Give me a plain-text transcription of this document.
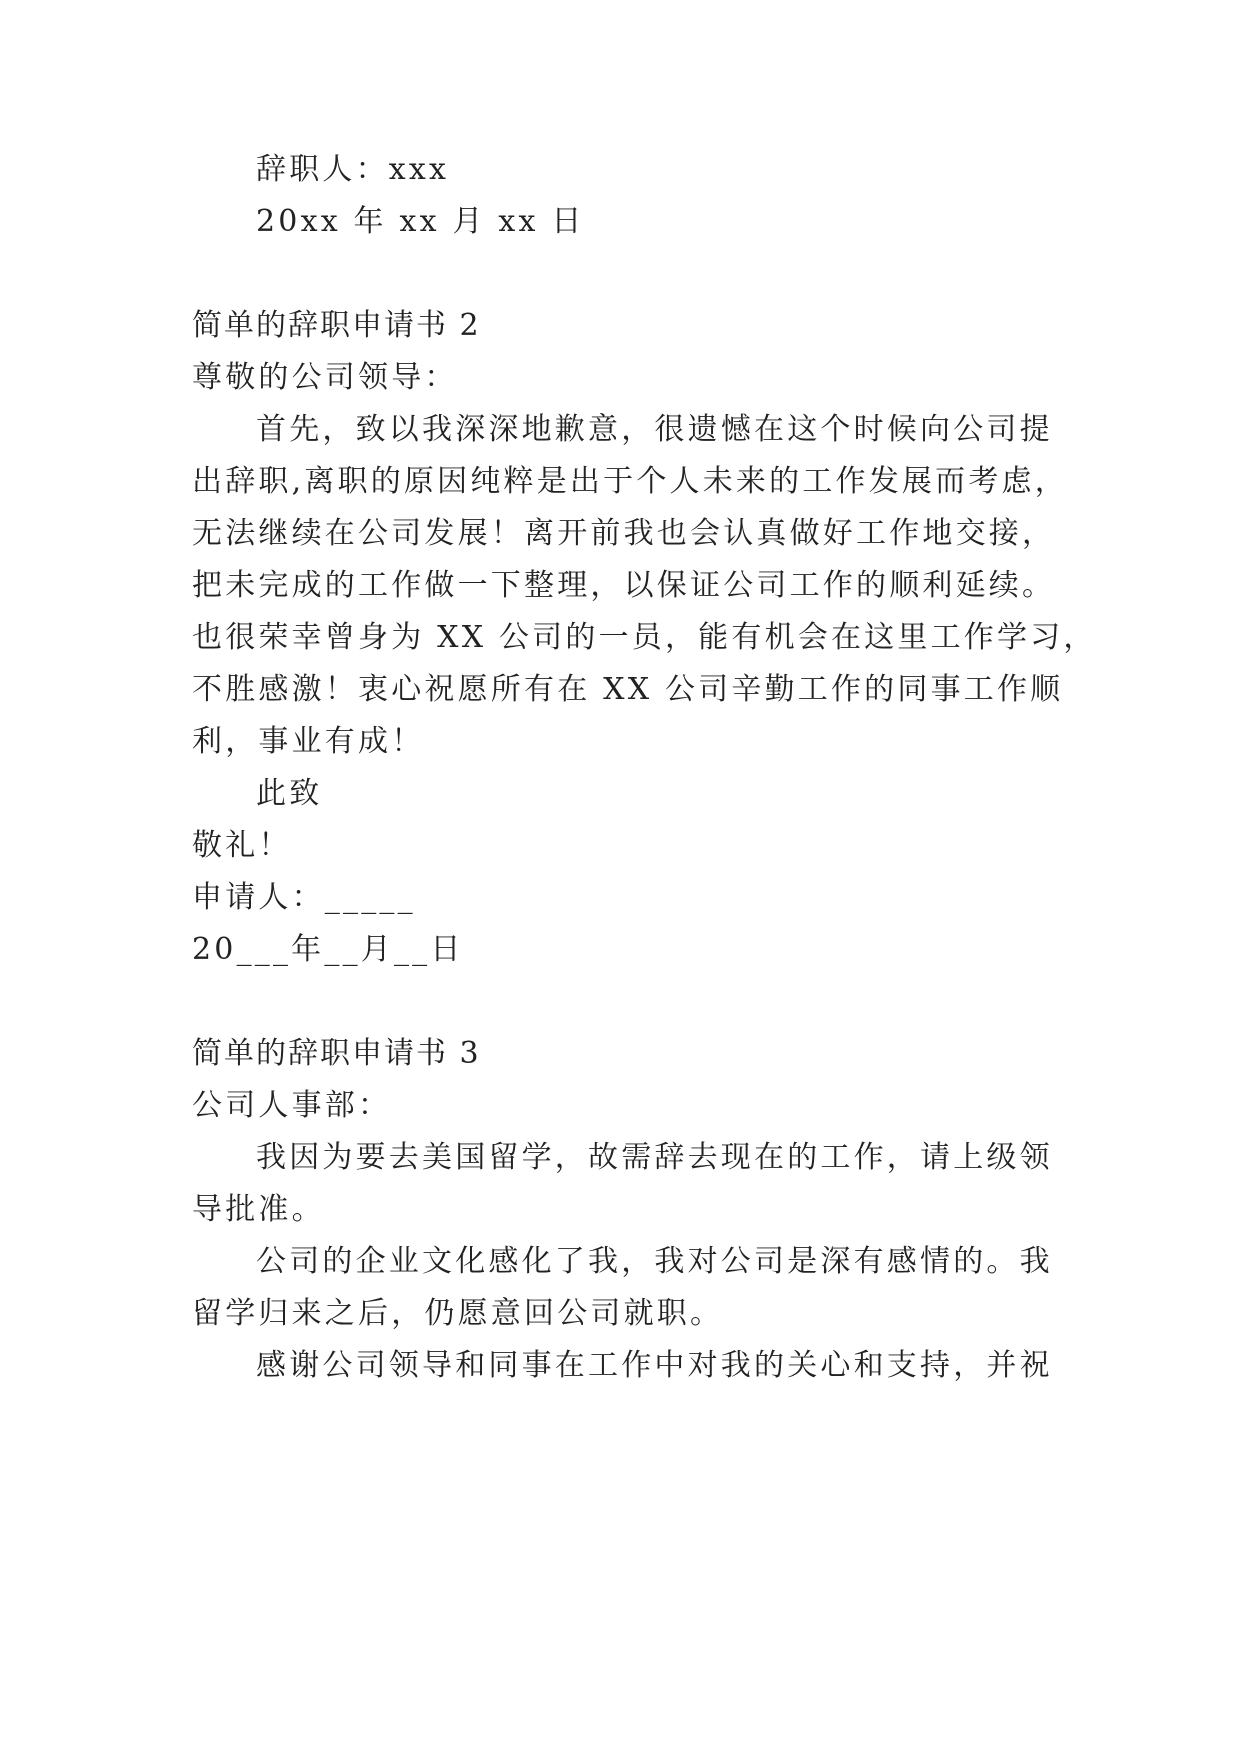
辞职人：xxx
20xx 年 xx 月 xx 日
简单的辞职申请书 2
尊敬的公司领导：
首先，致以我深深地歉意，很遗憾在这个时候向公司提
出辞职,离职的原因纯粹是出于个人未来的工作发展而考虑，
无法继续在公司发展！离开前我也会认真做好工作地交接，
把未完成的工作做一下整理，以保证公司工作的顺利延续。
也很荣幸曾身为 XX 公司的一员，能有机会在这里工作学习，
不胜感激！衷心祝愿所有在 XX 公司辛勤工作的同事工作顺
利，事业有成！
此致
敬礼！
申请人：_____
20___年__月__日
简单的辞职申请书 3
公司人事部：
我因为要去美国留学，故需辞去现在的工作，请上级领
导批准。
公司的企业文化感化了我，我对公司是深有感情的。我
留学归来之后，仍愿意回公司就职。
感谢公司领导和同事在工作中对我的关心和支持，并祝
